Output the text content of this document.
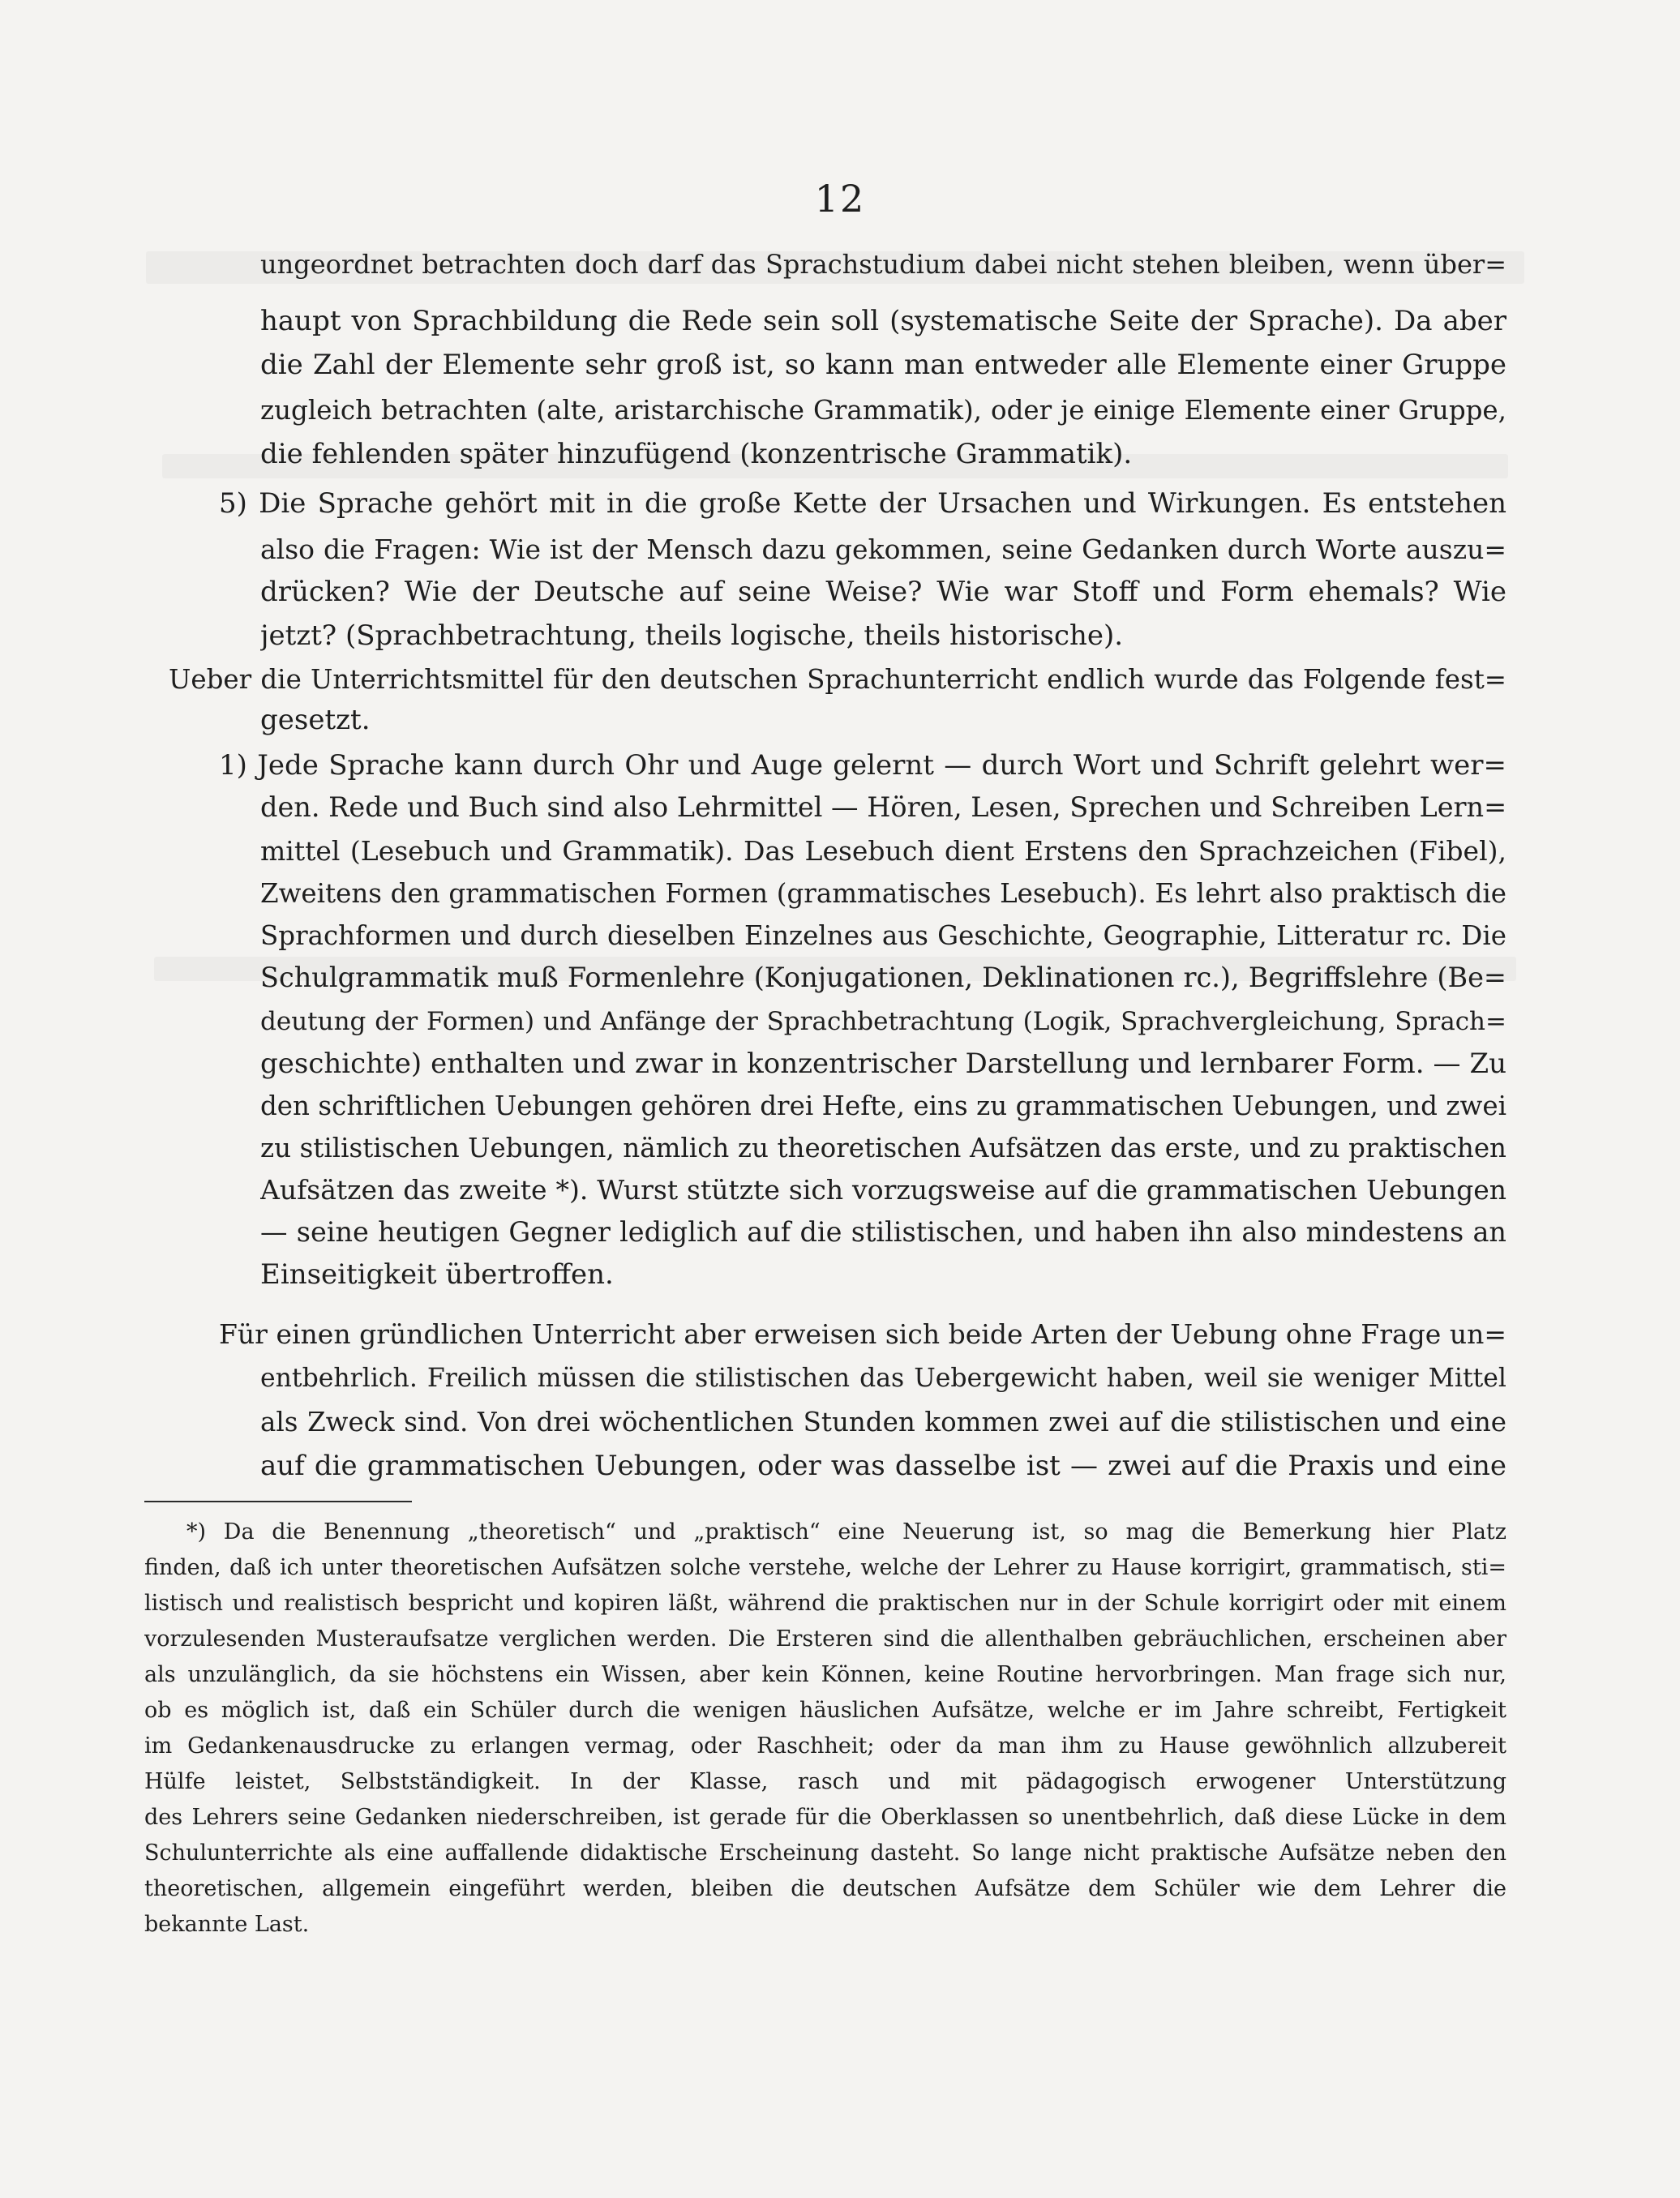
12
ungeordnet betrachten doch darf das Sprachstudium dabei nicht stehen bleiben, wenn über=
haupt von Sprachbildung die Rede sein soll (systematische Seite der Sprache). Da aber
die Zahl der Elemente sehr groß ist, so kann man entweder alle Elemente einer Gruppe
zugleich betrachten (alte, aristarchische Grammatik), oder je einige Elemente einer Gruppe,
die fehlenden später hinzufügend (konzentrische Grammatik).
5) Die Sprache gehört mit in die große Kette der Ursachen und Wirkungen. Es entstehen
also die Fragen: Wie ist der Mensch dazu gekommen, seine Gedanken durch Worte auszu=
drücken? Wie der Deutsche auf seine Weise? Wie war Stoff und Form ehemals? Wie
jetzt? (Sprachbetrachtung, theils logische, theils historische).
Ueber die Unterrichtsmittel für den deutschen Sprachunterricht endlich wurde das Folgende fest=
gesetzt.
1) Jede Sprache kann durch Ohr und Auge gelernt — durch Wort und Schrift gelehrt wer=
den. Rede und Buch sind also Lehrmittel — Hören, Lesen, Sprechen und Schreiben Lern=
mittel (Lesebuch und Grammatik). Das Lesebuch dient Erstens den Sprachzeichen (Fibel),
Zweitens den grammatischen Formen (grammatisches Lesebuch). Es lehrt also praktisch die
Sprachformen und durch dieselben Einzelnes aus Geschichte, Geographie, Litteratur rc. Die
Schulgrammatik muß Formenlehre (Konjugationen, Deklinationen rc.), Begriffslehre (Be=
deutung der Formen) und Anfänge der Sprachbetrachtung (Logik, Sprachvergleichung, Sprach=
geschichte) enthalten und zwar in konzentrischer Darstellung und lernbarer Form. — Zu
den schriftlichen Uebungen gehören drei Hefte, eins zu grammatischen Uebungen, und zwei
zu stilistischen Uebungen, nämlich zu theoretischen Aufsätzen das erste, und zu praktischen
Aufsätzen das zweite *). Wurst stützte sich vorzugsweise auf die grammatischen Uebungen
— seine heutigen Gegner lediglich auf die stilistischen, und haben ihn also mindestens an
Einseitigkeit übertroffen.
Für einen gründlichen Unterricht aber erweisen sich beide Arten der Uebung ohne Frage un=
entbehrlich. Freilich müssen die stilistischen das Uebergewicht haben, weil sie weniger Mittel
als Zweck sind. Von drei wöchentlichen Stunden kommen zwei auf die stilistischen und eine
auf die grammatischen Uebungen, oder was dasselbe ist — zwei auf die Praxis und eine
*) Da die Benennung „theoretisch“ und „praktisch“ eine Neuerung ist, so mag die Bemerkung hier Platz
finden, daß ich unter theoretischen Aufsätzen solche verstehe, welche der Lehrer zu Hause korrigirt, grammatisch, sti=
listisch und realistisch bespricht und kopiren läßt, während die praktischen nur in der Schule korrigirt oder mit einem
vorzulesenden Musteraufsatze verglichen werden. Die Ersteren sind die allenthalben gebräuchlichen, erscheinen aber
als unzulänglich, da sie höchstens ein Wissen, aber kein Können, keine Routine hervorbringen. Man frage sich nur,
ob es möglich ist, daß ein Schüler durch die wenigen häuslichen Aufsätze, welche er im Jahre schreibt, Fertigkeit
im Gedankenausdrucke zu erlangen vermag, oder Raschheit; oder da man ihm zu Hause gewöhnlich allzubereit
Hülfe leistet, Selbstständigkeit. In der Klasse, rasch und mit pädagogisch erwogener Unterstützung
des Lehrers seine Gedanken niederschreiben, ist gerade für die Oberklassen so unentbehrlich, daß diese Lücke in dem
Schulunterrichte als eine auffallende didaktische Erscheinung dasteht. So lange nicht praktische Aufsätze neben den
theoretischen, allgemein eingeführt werden, bleiben die deutschen Aufsätze dem Schüler wie dem Lehrer die
bekannte Last.
